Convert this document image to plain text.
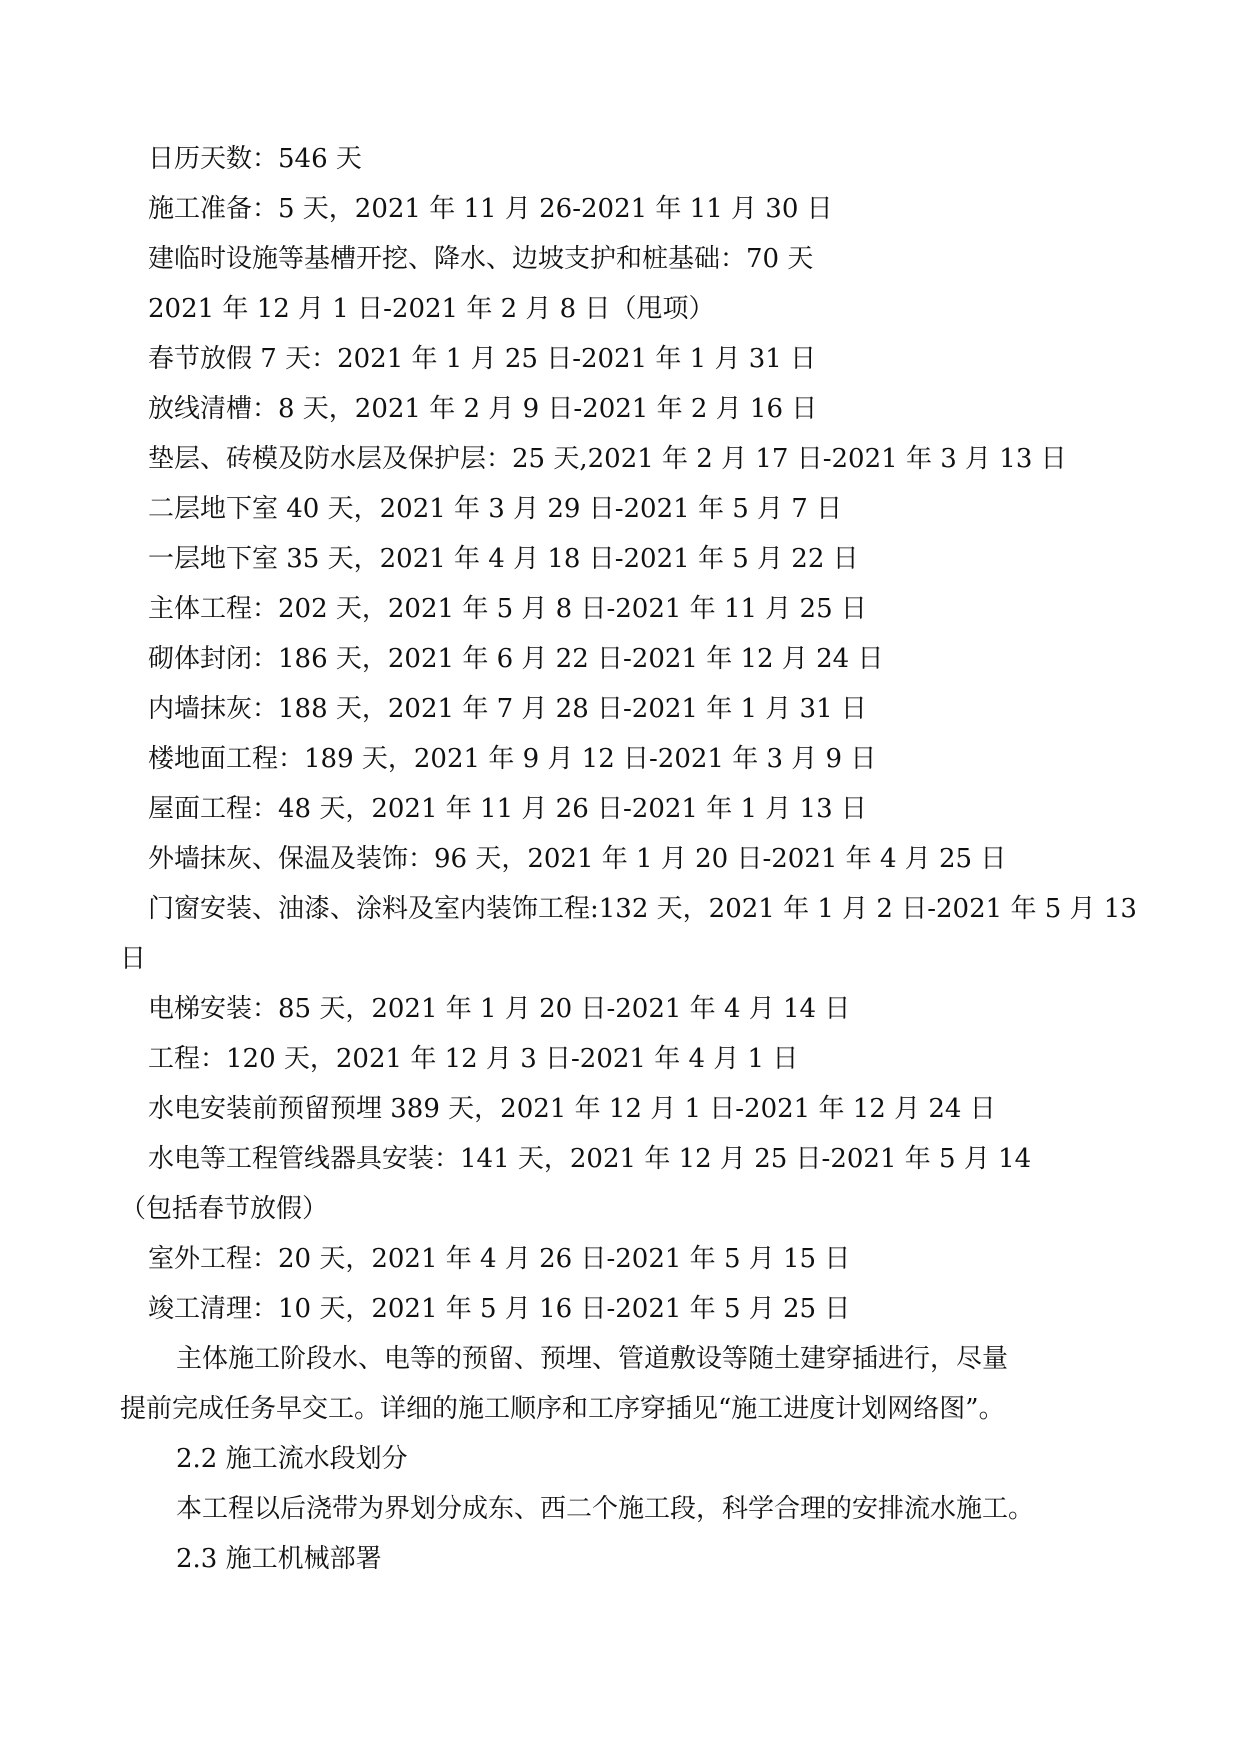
日历天数：546 天
施工准备：5 天，2021 年 11 月 26-2021 年 11 月 30 日
建临时设施等基槽开挖、降水、边坡支护和桩基础：70 天
2021 年 12 月 1 日-2021 年 2 月 8 日（甩项）
春节放假 7 天：2021 年 1 月 25 日-2021 年 1 月 31 日
放线清槽：8 天，2021 年 2 月 9 日-2021 年 2 月 16 日
垫层、砖模及防水层及保护层：25 天,2021 年 2 月 17 日-2021 年 3 月 13 日
二层地下室 40 天，2021 年 3 月 29 日-2021 年 5 月 7 日
一层地下室 35 天，2021 年 4 月 18 日-2021 年 5 月 22 日
主体工程：202 天，2021 年 5 月 8 日-2021 年 11 月 25 日
砌体封闭：186 天，2021 年 6 月 22 日-2021 年 12 月 24 日
内墙抹灰：188 天，2021 年 7 月 28 日-2021 年 1 月 31 日
楼地面工程：189 天，2021 年 9 月 12 日-2021 年 3 月 9 日
屋面工程：48 天，2021 年 11 月 26 日-2021 年 1 月 13 日
外墙抹灰、保温及装饰：96 天，2021 年 1 月 20 日-2021 年 4 月 25 日
门窗安装、油漆、涂料及室内装饰工程:132 天，2021 年 1 月 2 日-2021 年 5 月 13
日
电梯安装：85 天，2021 年 1 月 20 日-2021 年 4 月 14 日
工程：120 天，2021 年 12 月 3 日-2021 年 4 月 1 日
水电安装前预留预埋 389 天，2021 年 12 月 1 日-2021 年 12 月 24 日
水电等工程管线器具安装：141 天，2021 年 12 月 25 日-2021 年 5 月 14
（包括春节放假）
室外工程：20 天，2021 年 4 月 26 日-2021 年 5 月 15 日
竣工清理：10 天，2021 年 5 月 16 日-2021 年 5 月 25 日
主体施工阶段水、电等的预留、预埋、管道敷设等随土建穿插进行，尽量
提前完成任务早交工。详细的施工顺序和工序穿插见“施工进度计划网络图”。
2.2 施工流水段划分
本工程以后浇带为界划分成东、西二个施工段，科学合理的安排流水施工。
2.3 施工机械部署
